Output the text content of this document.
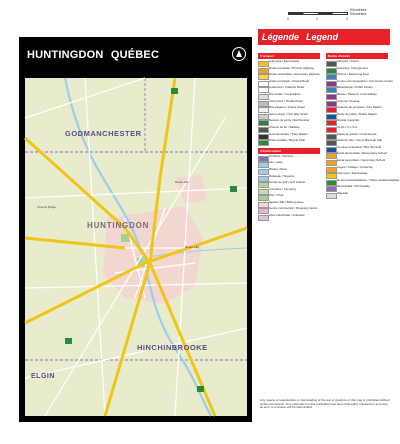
HUNTINGDON QUÉBEC
GODMANCHESTER
HUNTINGDON
HINCHINBROOKE
ELGIN
Route 138
Route 202
Chemin Ridge
0	1	2
Kilomètres
Kilometers
Légende Legend
Transport
Autoroute / Expressway
Route principale / Primary Highway
Route secondaire / Secondary Highway
Artère principale / Arterial Road
Collectrice / Collector Road
Rue locale / Local Street
Voie privée / Private Road
Rue projetée / Future Street
Sens unique / One Way Street
Numéro de sortie / Exit Number
Chemin de fer / Railway
Gare ferroviaire / Train Station
Piste cyclable / Bicycle Path
Administration
Territoire / Territory
Lac / Lake
Rivière / River
Ruisseau / Streams
Terrain de golf / Golf Course
Cimetière / Cemetery
Parc / Park
Secteur bâti / Built-up Area
Centre commercial / Shopping Centre
Zone industrielle / Industrial
Points d'intérêt
Aéroport / Airport
Camping / Campground
Piscine / Swimming Pool
Centre communautaire / Community Centre
Bibliothèque / Public Library
Musée / Museum or Art Gallery
Cinéma / Cinema
Caserne de pompiers / Fire Station
Poste de police / Police Station
Hôpital / Hospital
CLSC / C.L.S.C.
Palais de justice / Court House
Hôtel de ville / City or Borough Hall
Terminus d'autobus / Bus Terminal
École élémentaire / Elementary School
École secondaire / Secondary School
Cégep / Collège / University
Autoroute / Expressway
Route transcanadienne / Trans-Canada Highway
Municipalité / Municipality
Wayside
Any means of reproduction or downloading of the text or graphics of this map is prohibited without written permission. Any information in this publication has been thoroughly checked for accuracy, all error or omission will be indemnified.
